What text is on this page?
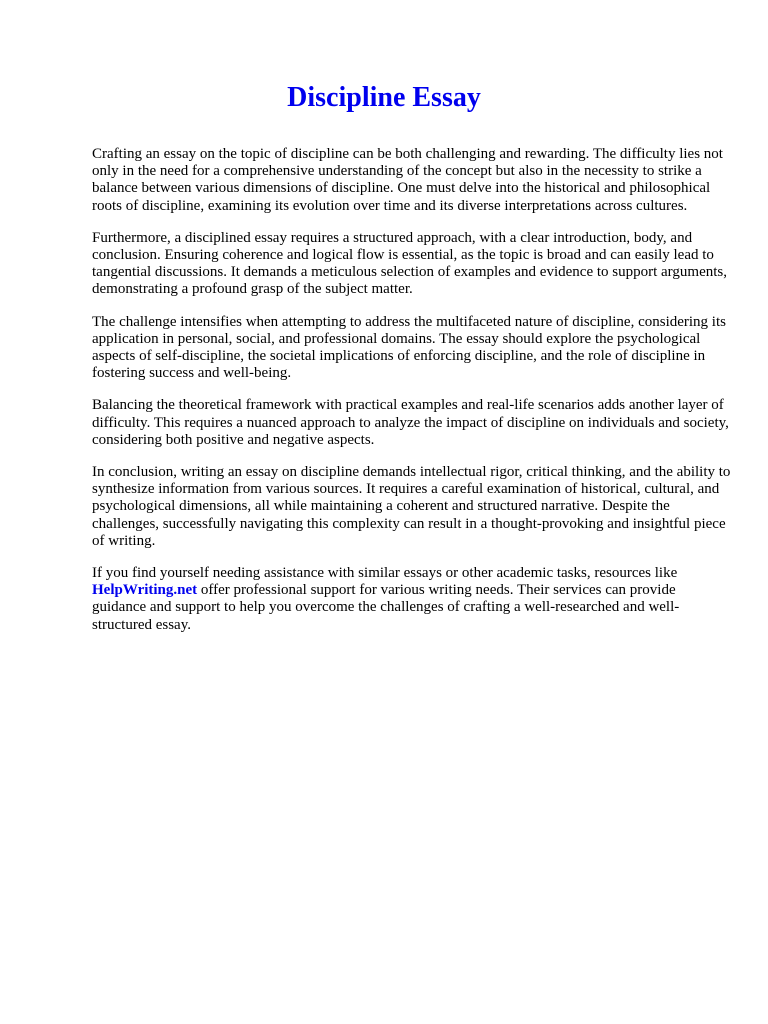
Discipline Essay

Crafting an essay on the topic of discipline can be both challenging and rewarding. The difficulty lies not only in the need for a comprehensive understanding of the concept but also in the necessity to strike a balance between various dimensions of discipline. One must delve into the historical and philosophical roots of discipline, examining its evolution over time and its diverse interpretations across cultures.

Furthermore, a disciplined essay requires a structured approach, with a clear introduction, body, and conclusion. Ensuring coherence and logical flow is essential, as the topic is broad and can easily lead to tangential discussions. It demands a meticulous selection of examples and evidence to support arguments, demonstrating a profound grasp of the subject matter.

The challenge intensifies when attempting to address the multifaceted nature of discipline, considering its application in personal, social, and professional domains. The essay should explore the psychological aspects of self-discipline, the societal implications of enforcing discipline, and the role of discipline in fostering success and well-being.

Balancing the theoretical framework with practical examples and real-life scenarios adds another layer of difficulty. This requires a nuanced approach to analyze the impact of discipline on individuals and society, considering both positive and negative aspects.

In conclusion, writing an essay on discipline demands intellectual rigor, critical thinking, and the ability to synthesize information from various sources. It requires a careful examination of historical, cultural, and psychological dimensions, all while maintaining a coherent and structured narrative. Despite the challenges, successfully navigating this complexity can result in a thought-provoking and insightful piece of writing.

If you find yourself needing assistance with similar essays or other academic tasks, resources like HelpWriting.net offer professional support for various writing needs. Their services can provide guidance and support to help you overcome the challenges of crafting a well-researched and well-structured essay.
